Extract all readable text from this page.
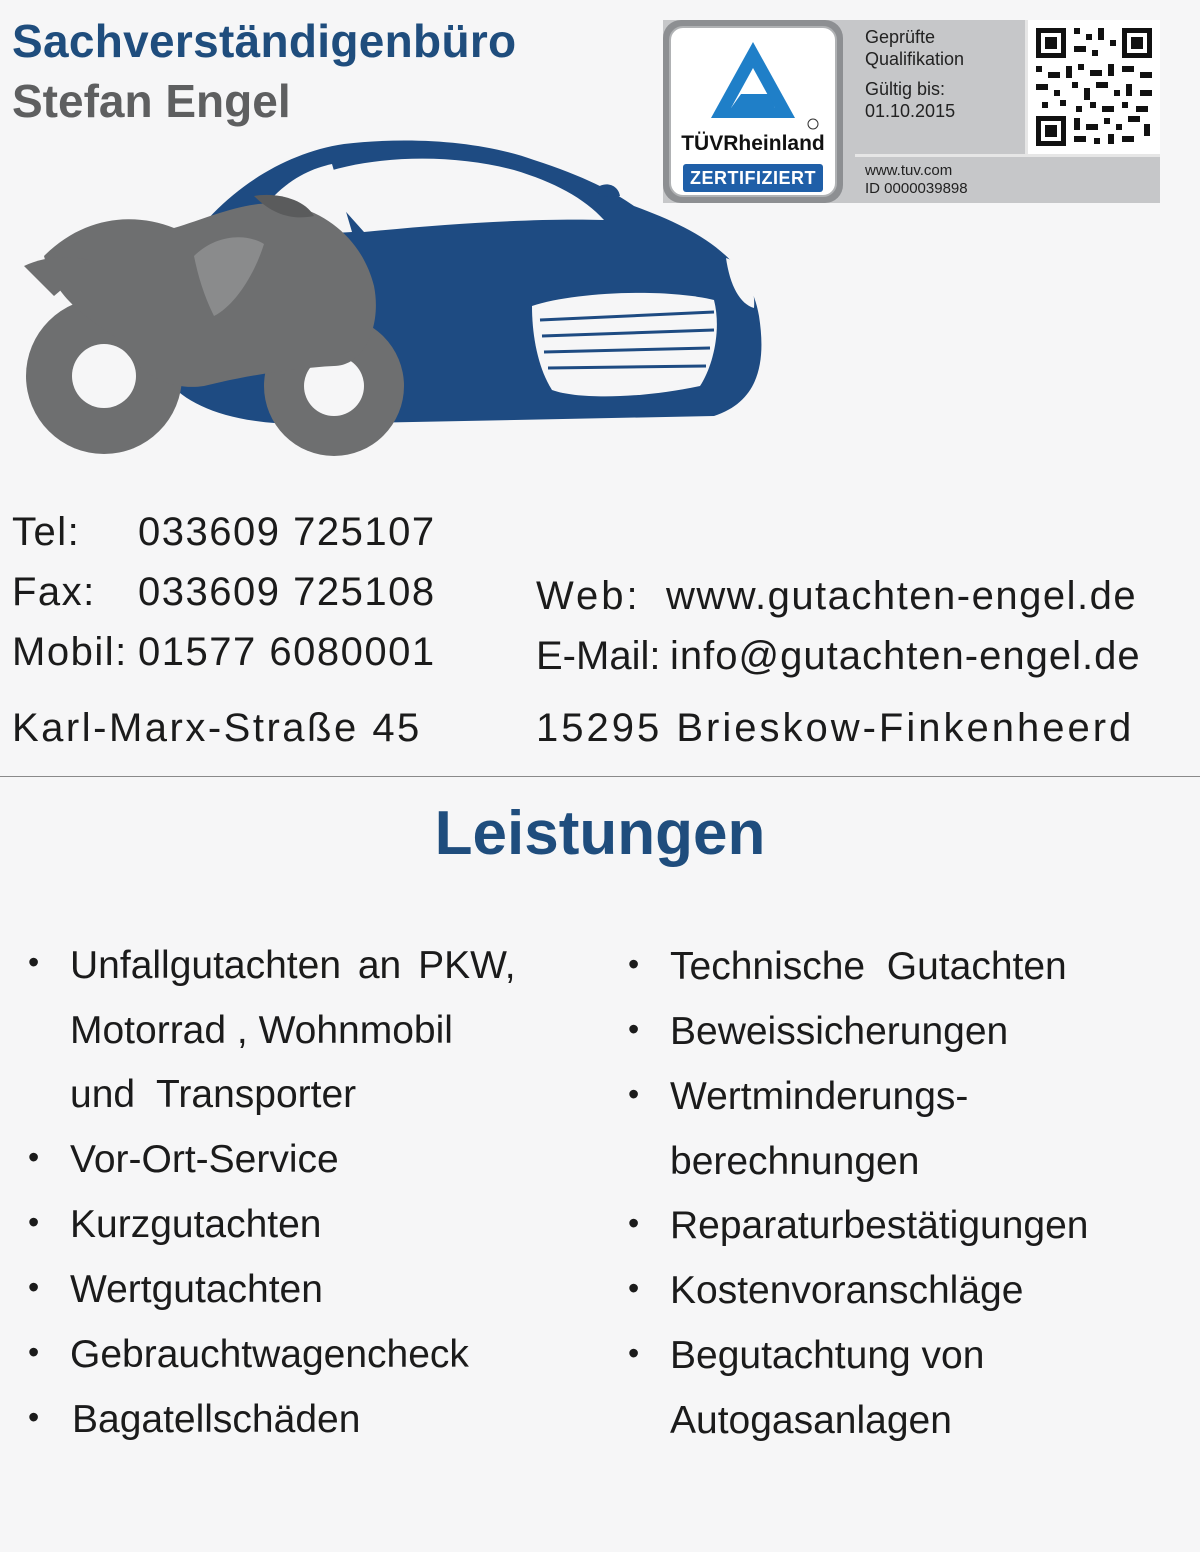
Sachverständigenbüro
Stefan Engel
TÜVRheinland
ZERTIFIZIERT
Geprüfte
Qualifikation
Gültig bis:
01.10.2015
www.tuv.com
ID 0000039898
Tel: 033609 725107
Fax: 033609 725108
Mobil: 01577 6080001
Web: www.gutachten-engel.de
E-Mail: info@gutachten-engel.de
Karl-Marx-Straße 45	15295 Brieskow-Finkenheerd
Leistungen
• Unfallgutachten an PKW,
Motorrad , Wohnmobil
und  Transporter
• Vor-Ort-Service
• Kurzgutachten
• Wertgutachten
• Gebrauchtwagencheck
• Bagatellschäden
• Technische  Gutachten
• Beweissicherungen
• Wertminderungs-
berechnungen
• Reparaturbestätigungen
• Kostenvoranschläge
• Begutachtung von
Autogasanlagen
